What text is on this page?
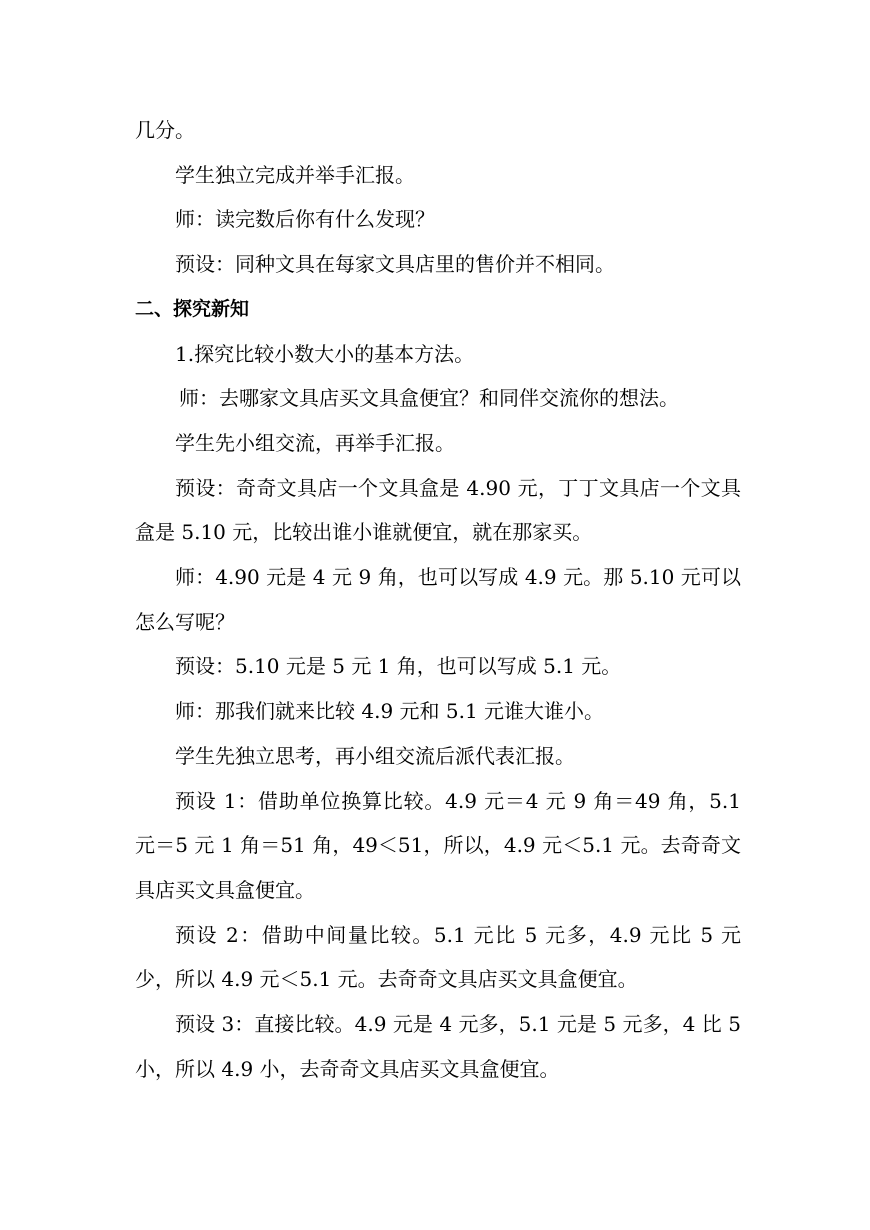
几分。

学生独立完成并举手汇报。

师：读完数后你有什么发现？

预设：同种文具在每家文具店里的售价并不相同。

二、探究新知

1.探究比较小数大小的基本方法。

师：去哪家文具店买文具盒便宜？和同伴交流你的想法。

学生先小组交流，再举手汇报。

预设：奇奇文具店一个文具盒是 4.90 元，丁丁文具店一个文具盒是 5.10 元，比较出谁小谁就便宜，就在那家买。

师：4.90 元是 4 元 9 角，也可以写成 4.9 元。那 5.10 元可以怎么写呢？

预设：5.10 元是 5 元 1 角，也可以写成 5.1 元。

师：那我们就来比较 4.9 元和 5.1 元谁大谁小。

学生先独立思考，再小组交流后派代表汇报。

预设 1：借助单位换算比较。4.9 元＝4 元 9 角＝49 角，5.1 元＝5 元 1 角＝51 角，49＜51，所以，4.9 元＜5.1 元。去奇奇文具店买文具盒便宜。

预设 2：借助中间量比较。5.1 元比 5 元多，4.9 元比 5 元少，所以 4.9 元＜5.1 元。去奇奇文具店买文具盒便宜。

预设 3：直接比较。4.9 元是 4 元多，5.1 元是 5 元多，4 比 5 小，所以 4.9 小，去奇奇文具店买文具盒便宜。
